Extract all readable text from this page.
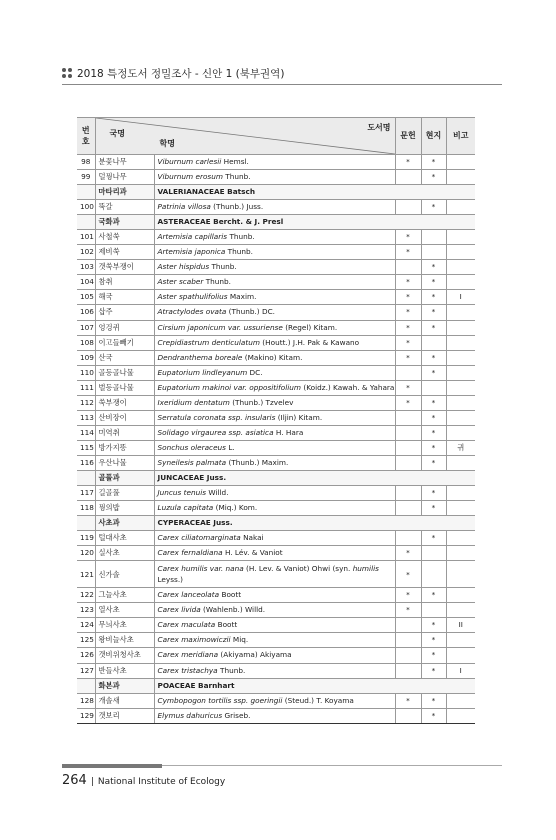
2018 특정도서 정밀조사 - 신안 1 (북부권역)
번호	도서명
학명
국명		문헌	현지	비고
98	분꽃나무	Viburnum carlesii Hemsl.	*	*	
99	덜꿩나무	Viburnum erosum Thunb.		*	
	마타리과	VALERIANACEAE Batsch			
100	뚝갈	Patrinia villosa (Thunb.) Juss.		*	
	국화과	ASTERACEAE Bercht. & J. Presl			
101	사철쑥	Artemisia capillaris Thunb.	*		
102	제비쑥	Artemisia japonica Thunb.	*		
103	갯쑥부쟁이	Aster hispidus Thunb.		*	
104	참취	Aster scaber Thunb.	*	*	
105	해국	Aster spathulifolius Maxim.	*	*	I
106	삽주	Atractylodes ovata (Thunb.) DC.	*	*	
107	엉겅퀴	Cirsium japonicum var. ussuriense (Regel) Kitam.	*	*	
108	이고들빼기	Crepidiastrum denticulatum (Houtt.) J.H. Pak & Kawano	*		
109	산국	Dendranthema boreale (Makino) Kitam.	*	*	
110	골등골나물	Eupatorium lindleyanum DC.		*	
111	벌등골나물	Eupatorium makinoi var. oppositifolium (Koidz.) Kawah. & Yahara	*		
112	쑥부쟁이	Ixeridium dentatum (Thunb.) Tzvelev	*	*	
113	산비장이	Serratula coronata ssp. insularis (Iljin) Kitam.		*	
114	미역취	Solidago virgaurea ssp. asiatica H. Hara		*	
115	방가지똥	Sonchus oleraceus L.		*	귀
116	우산나물	Syneilesis palmata (Thunb.) Maxim.		*	
	골풀과	JUNCACEAE Juss.			
117	길골풀	Juncus tenuis Willd.		*	
118	꿩의밥	Luzula capitata (Miq.) Kom.		*	
	사초과	CYPERACEAE Juss.			
119	털대사초	Carex ciliatomarginata Nakai		*	
120	실사초	Carex fernaldiana H. Lév. & Vaniot	*		
121	신가솔	Carex humilis var. nana (H. Lev. & Vaniot) Ohwi (syn. humilis Leyss.)	*		
122	그늘사초	Carex lanceolata Boott	*	*	
123	열사초	Carex livida (Wahlenb.) Willd.	*		
124	무늬사초	Carex maculata Boott		*	II
125	왕비늘사초	Carex maximowiczii Miq.		*	
126	갯비위청사초	Carex meridiana (Akiyama) Akiyama		*	
127	반들사초	Carex tristachya Thunb.		*	I
	화본과	POACEAE Barnhart			
128	개솔새	Cymbopogon tortilis ssp. goeringii (Steud.) T. Koyama	*	*	
129	갯보리	Elymus dahuricus Griseb.		*	
264 | National Institute of Ecology
